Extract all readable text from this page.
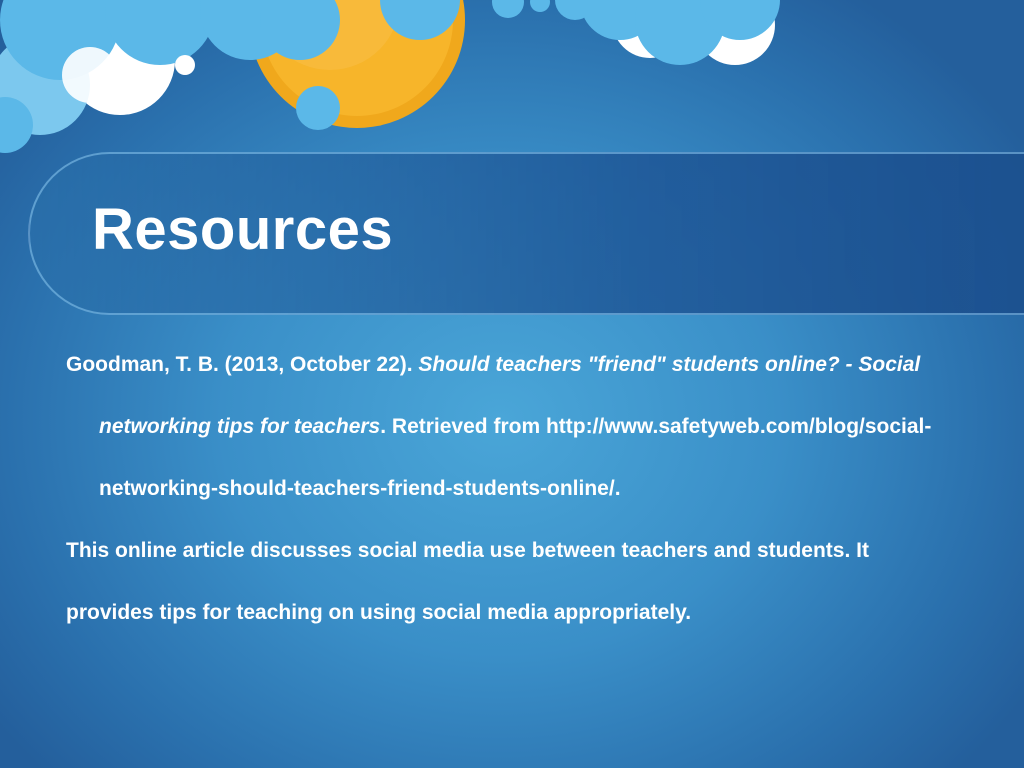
Resources

Goodman, T. B. (2013, October 22). Should teachers "friend" students online? - Social networking tips for teachers. Retrieved from http://www.safetyweb.com/blog/social-networking-should-teachers-friend-students-online/.

This online article discusses social media use between teachers and students. It provides tips for teaching on using social media appropriately.
